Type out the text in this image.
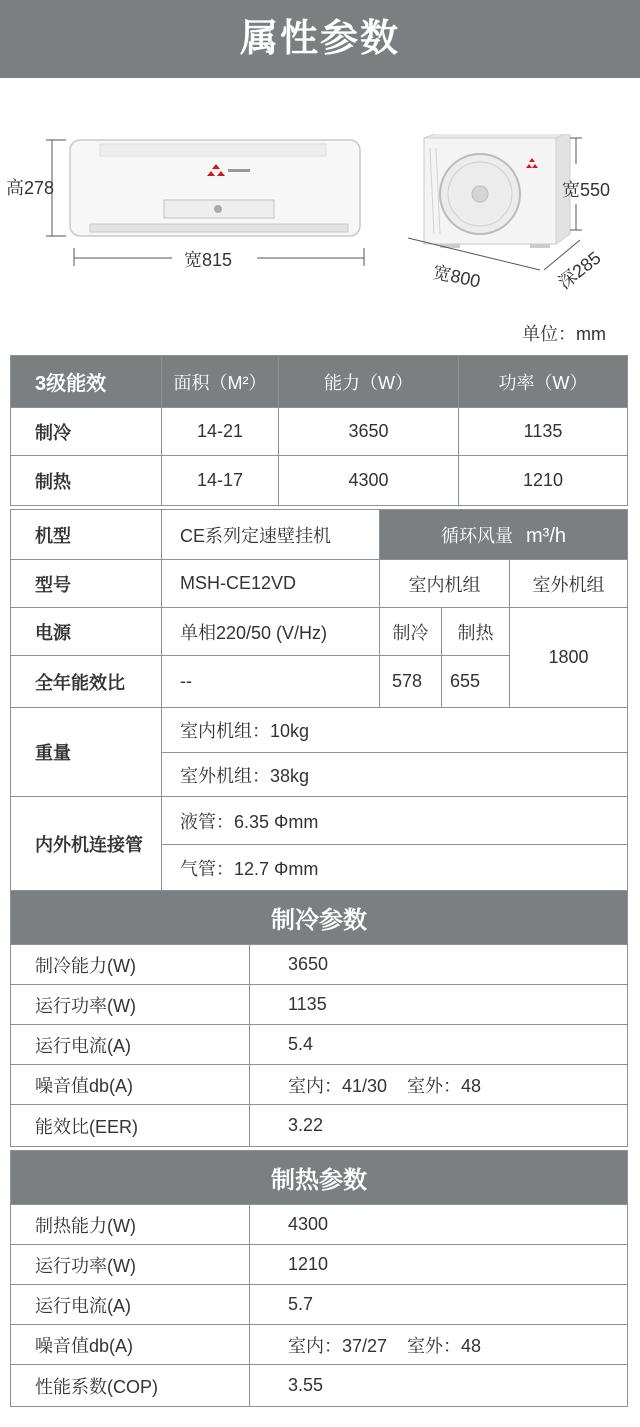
属性参数
高278
宽815
宽550
宽800	深285
单位：mm
3级能效	面积（M²）	能力（W）	功率（W）
制冷	14-21	3650	1135
制热	14-17	4300	1210
机型	CE系列定速壁挂机	循环风量 m³/h		
型号	MSH-CE12VD	室内机组		室外机组
电源	单相220/50 (V/Hz)	制冷	制热	1800
全年能效比	--	578	655	
重量	室内机组：10kg			
	室外机组：38kg			
内外机连接管	液管：6.35 Φmm			
	气管：12.7 Φmm			
制冷参数	
制冷能力(W)	3650
运行功率(W)	1135
运行电流(A)	5.4
噪音值db(A)	室内：41/30    室外：48
能效比(EER)	3.22
制热参数	
制热能力(W)	4300
运行功率(W)	1210
运行电流(A)	5.7
噪音值db(A)	室内：37/27    室外：48
性能系数(COP)	3.55
